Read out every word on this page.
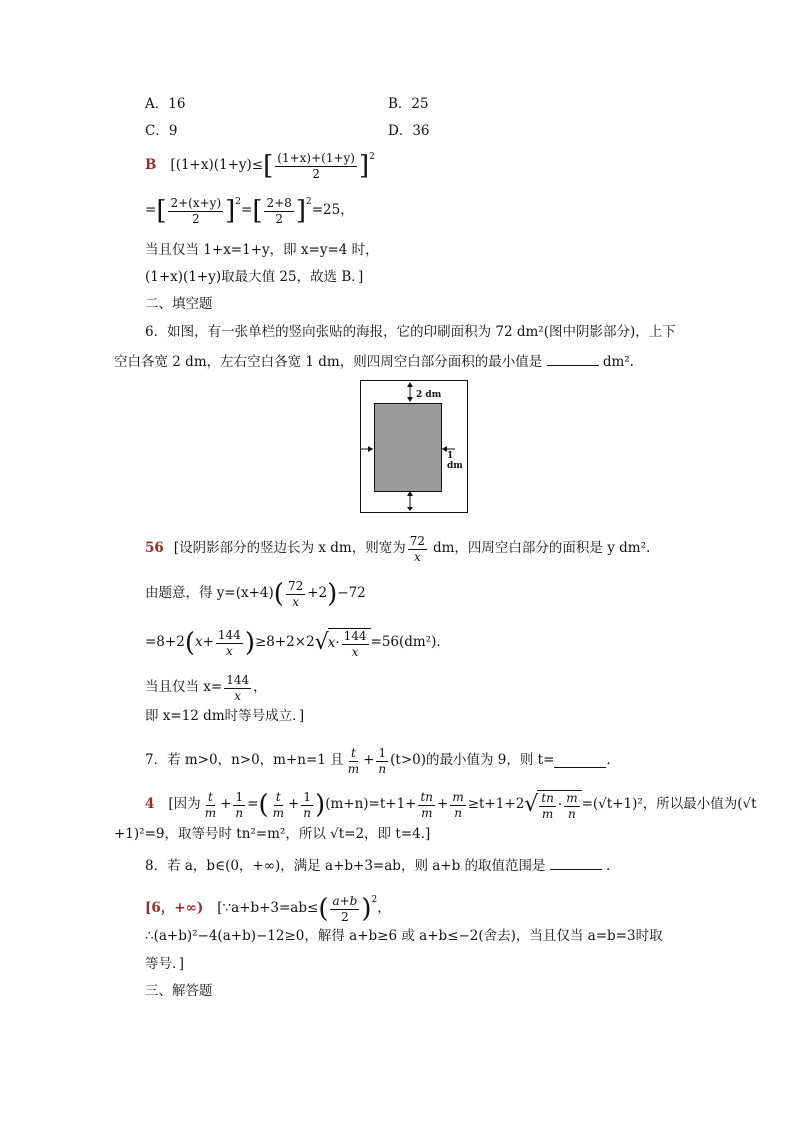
A．16	B．25
C．9	D．36
B [(1+x)(1+y)≤ [ $\frac{(1+x)+(1+y)}{2}$ ] 2
= [ $\frac{2+(x+y)}{2}$ ] 2
= [ $\frac{2+8}{2}$ ] 2
=25，
当且仅当 1+x=1+y，即 x=y=4 时，
(1+x)(1+y)取最大值 25，故选 B．]
二、填空题
6．如图，有一张单栏的竖向张贴的海报，它的印刷面积为 72 dm²(图中阴影部分)，上下
空白各宽 2 dm，左右空白各宽 1 dm，则四周空白部分面积的最小值是	dm².
2 dm
1 dm
56 [设阴影部分的竖边长为 x dm，则宽为 $\frac{72}{x}$ dm，四周空白部分的面积是 y dm².
由题意，得 y=(x+4) ( $\frac{72}{x} +2$ ) −72
=8+2 ( $x+ \frac{144}{x}$ ) ≥8+2×2 √ $x\cdot \frac{144}{x} =56(dm^2)$．
当且仅当 $x= \frac{144}{x}$ ，
即 x=12 dm时等号成立．]
7．若 m>0，n>0，m+n=1 且 $\frac{t}{m} + \frac{1}{n} (t>0)$的最小值为 9，则 t=	．
4 [因为 $\frac{t}{m} + \frac{1}{n}$ = ( $\frac{t}{m} + \frac{1}{n}$ ) $(m+n)=t+1+ \frac{tn}{m} + \frac{m}{n} \ge t+1+2$ √ $\frac{tn}{m} \cdot \frac{m}{n} =(√t+1)^2$，所以最小值为(√t
+1)²=9，取等号时 tn²=m²，所以 √t=2，即 t=4.]
8．若 a，b∈(0，+∞)，满足 a+b+3=ab，则 a+b 的取值范围是	．
[6，+∞) [∵a+b+3=ab≤ ( $\frac{a+b}{2}$ ) 2
，
∴(a+b)²−4(a+b)−12≥0，解得 a+b≥6 或 a+b≤−2(舍去)，当且仅当 a=b=3时取
等号．]
三、解答题
